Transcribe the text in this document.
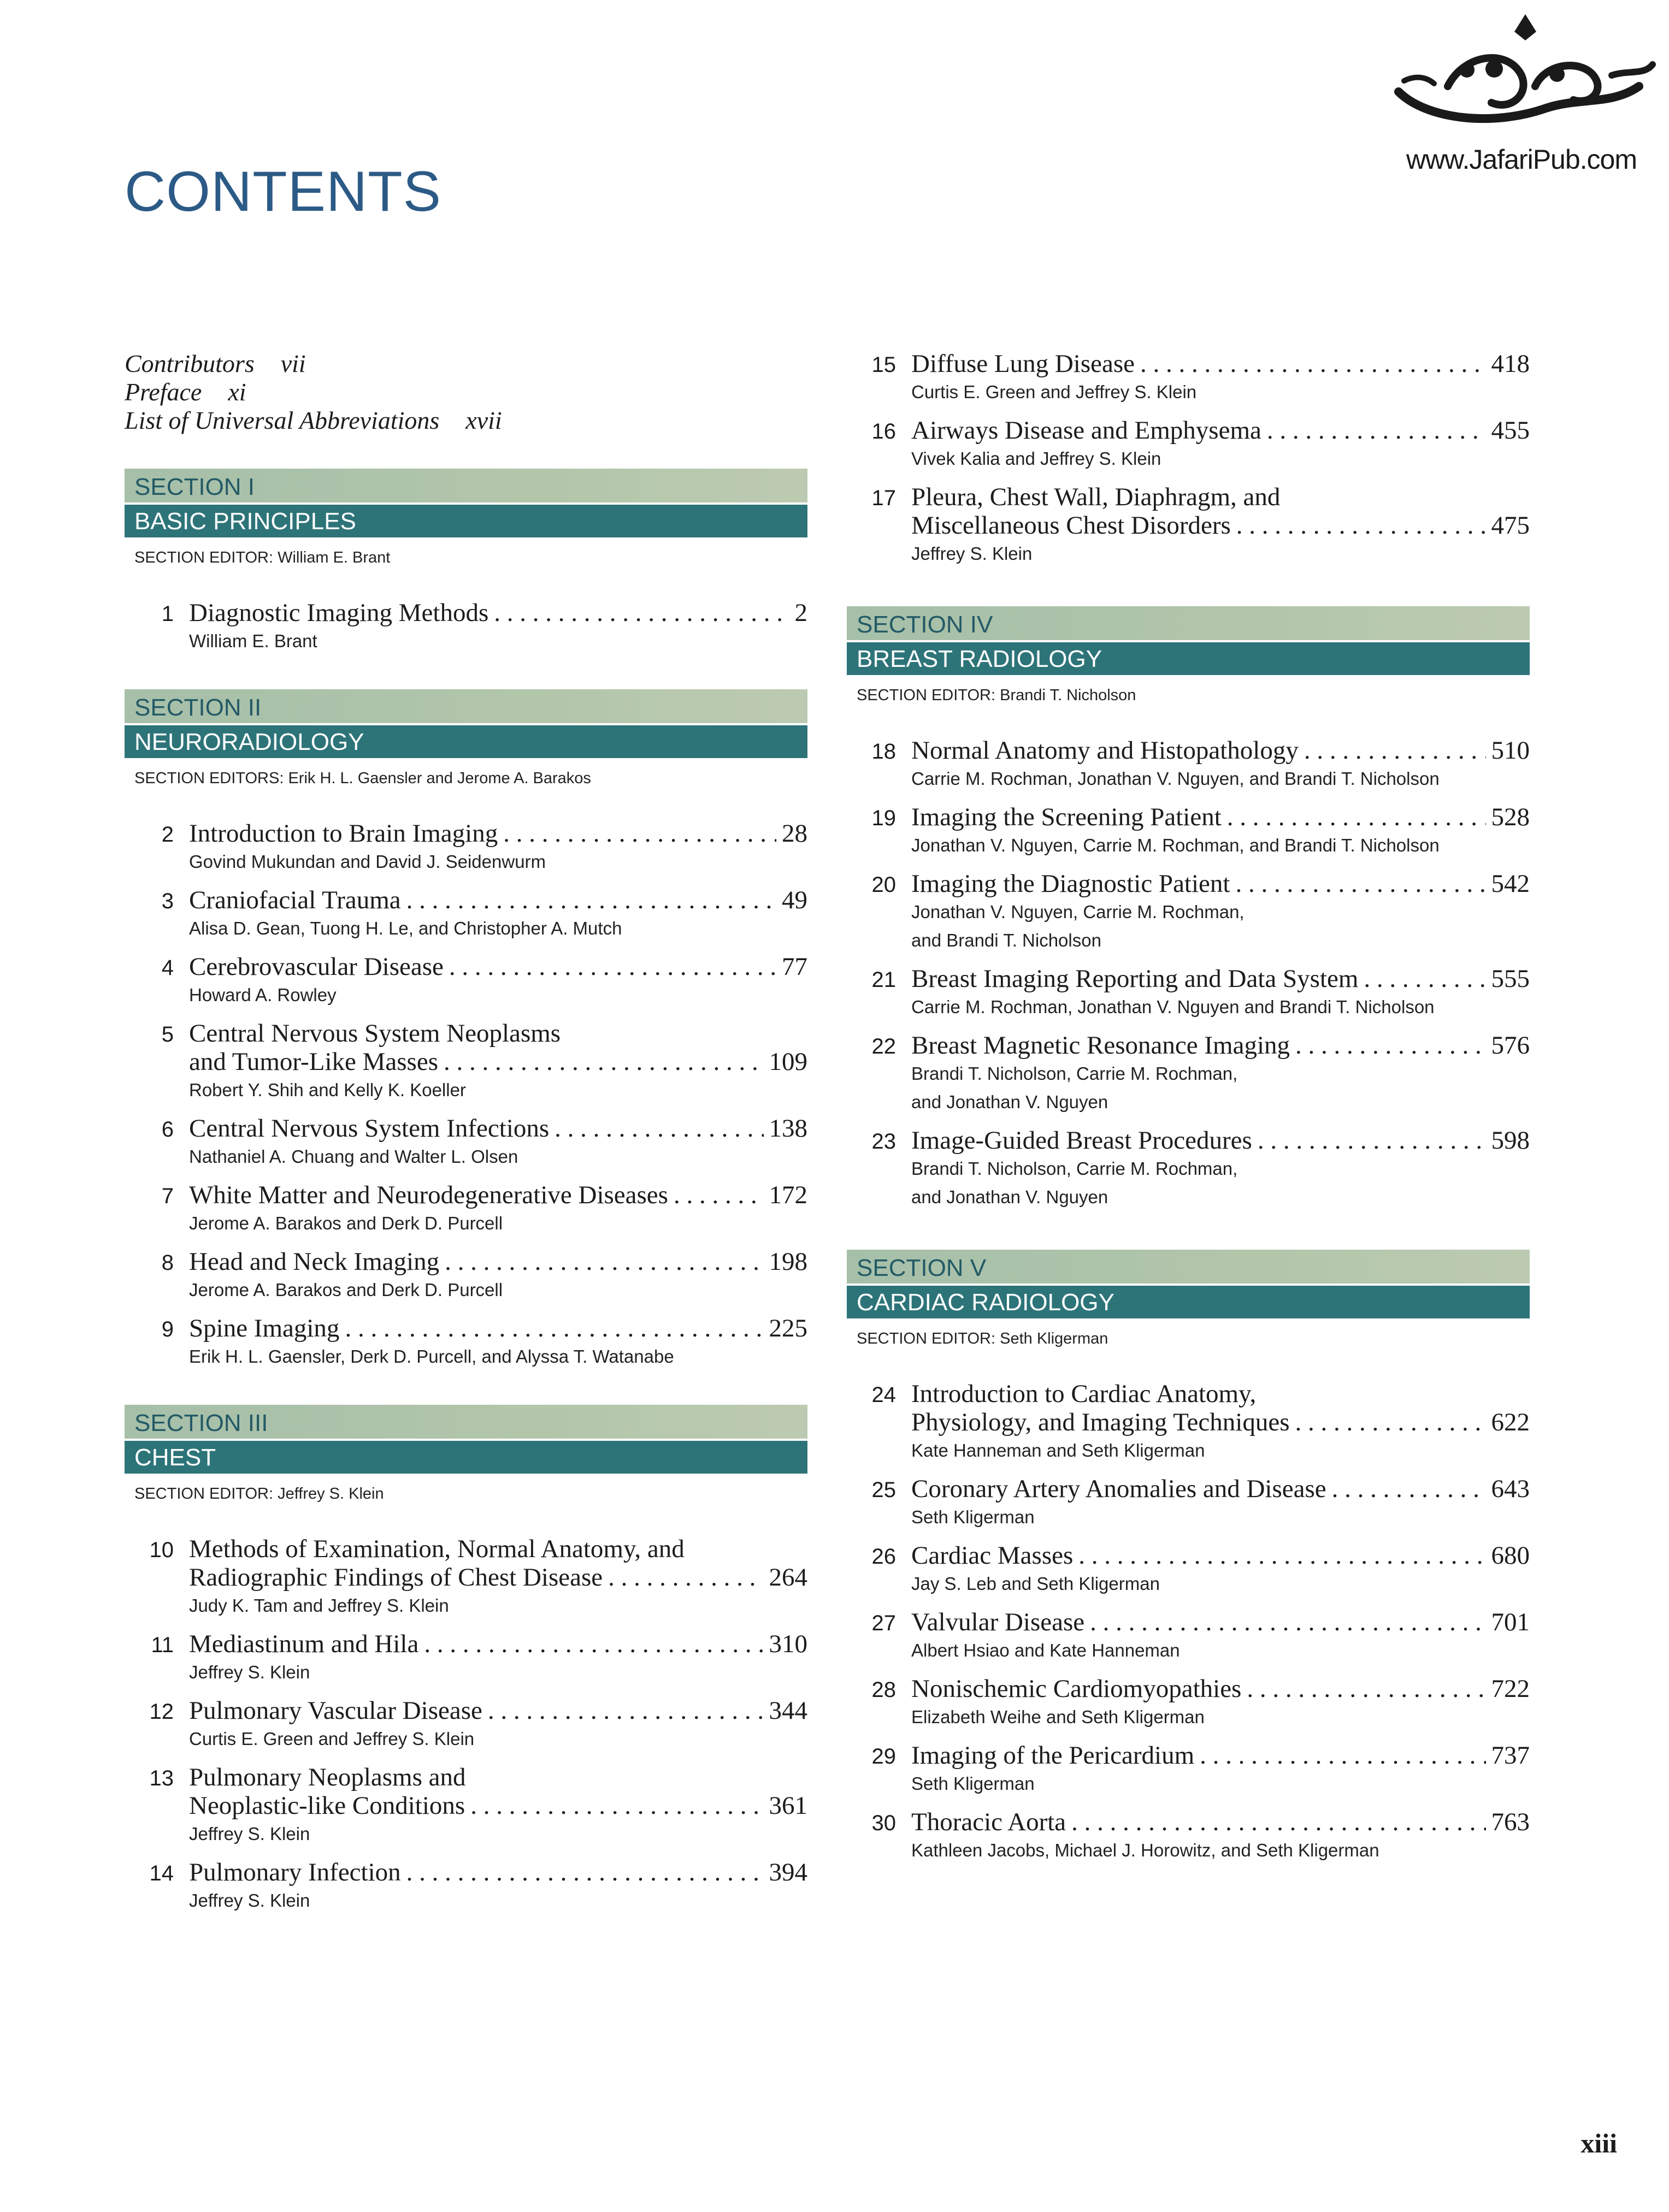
www.JafariPub.com
CONTENTS
Contributors vii
Preface xi
List of Universal Abbreviations xvii
SECTION I
BASIC PRINCIPLES
SECTION EDITOR: William E. Brant
1 Diagnostic Imaging Methods . . .	2
William E. Brant
SECTION II
NEURORADIOLOGY
SECTION EDITORS: Erik H. L. Gaensler and Jerome A. Barakos
2 Introduction to Brain Imaging . . .	28
Govind Mukundan and David J. Seidenwurm
3 Craniofacial Trauma . . .	49
Alisa D. Gean, Tuong H. Le, and Christopher A. Mutch
4 Cerebrovascular Disease . . .	77
Howard A. Rowley
5 Central Nervous System Neoplasms
and Tumor-Like Masses . . .	109
Robert Y. Shih and Kelly K. Koeller
6 Central Nervous System Infections . . .	138
Nathaniel A. Chuang and Walter L. Olsen
7 White Matter and Neurodegenerative Diseases . . .	172
Jerome A. Barakos and Derk D. Purcell
8 Head and Neck Imaging . . .	198
Jerome A. Barakos and Derk D. Purcell
9 Spine Imaging . . .	225
Erik H. L. Gaensler, Derk D. Purcell, and Alyssa T. Watanabe
SECTION III
CHEST
SECTION EDITOR: Jeffrey S. Klein
10 Methods of Examination, Normal Anatomy, and
Radiographic Findings of Chest Disease . . .	264
Judy K. Tam and Jeffrey S. Klein
11 Mediastinum and Hila . . .	310
Jeffrey S. Klein
12 Pulmonary Vascular Disease . . .	344
Curtis E. Green and Jeffrey S. Klein
13 Pulmonary Neoplasms and
Neoplastic-like Conditions . . .	361
Jeffrey S. Klein
14 Pulmonary Infection . . .	394
Jeffrey S. Klein
15 Diffuse Lung Disease . . .	418
Curtis E. Green and Jeffrey S. Klein
16 Airways Disease and Emphysema . . .	455
Vivek Kalia and Jeffrey S. Klein
17 Pleura, Chest Wall, Diaphragm, and
Miscellaneous Chest Disorders . . .	475
Jeffrey S. Klein
SECTION IV
BREAST RADIOLOGY
SECTION EDITOR: Brandi T. Nicholson
18 Normal Anatomy and Histopathology . . .	510
Carrie M. Rochman, Jonathan V. Nguyen, and Brandi T. Nicholson
19 Imaging the Screening Patient . . .	528
Jonathan V. Nguyen, Carrie M. Rochman, and Brandi T. Nicholson
20 Imaging the Diagnostic Patient . . .	542
Jonathan V. Nguyen, Carrie M. Rochman,
and Brandi T. Nicholson
21 Breast Imaging Reporting and Data System . . .	555
Carrie M. Rochman, Jonathan V. Nguyen and Brandi T. Nicholson
22 Breast Magnetic Resonance Imaging . . .	576
Brandi T. Nicholson, Carrie M. Rochman,
and Jonathan V. Nguyen
23 Image-Guided Breast Procedures . . .	598
Brandi T. Nicholson, Carrie M. Rochman,
and Jonathan V. Nguyen
SECTION V
CARDIAC RADIOLOGY
SECTION EDITOR: Seth Kligerman
24 Introduction to Cardiac Anatomy,
Physiology, and Imaging Techniques . . .	622
Kate Hanneman and Seth Kligerman
25 Coronary Artery Anomalies and Disease . . .	643
Seth Kligerman
26 Cardiac Masses . . .	680
Jay S. Leb and Seth Kligerman
27 Valvular Disease . . .	701
Albert Hsiao and Kate Hanneman
28 Nonischemic Cardiomyopathies . . .	722
Elizabeth Weihe and Seth Kligerman
29 Imaging of the Pericardium . . .	737
Seth Kligerman
30 Thoracic Aorta . . .	763
Kathleen Jacobs, Michael J. Horowitz, and Seth Kligerman
xiii
